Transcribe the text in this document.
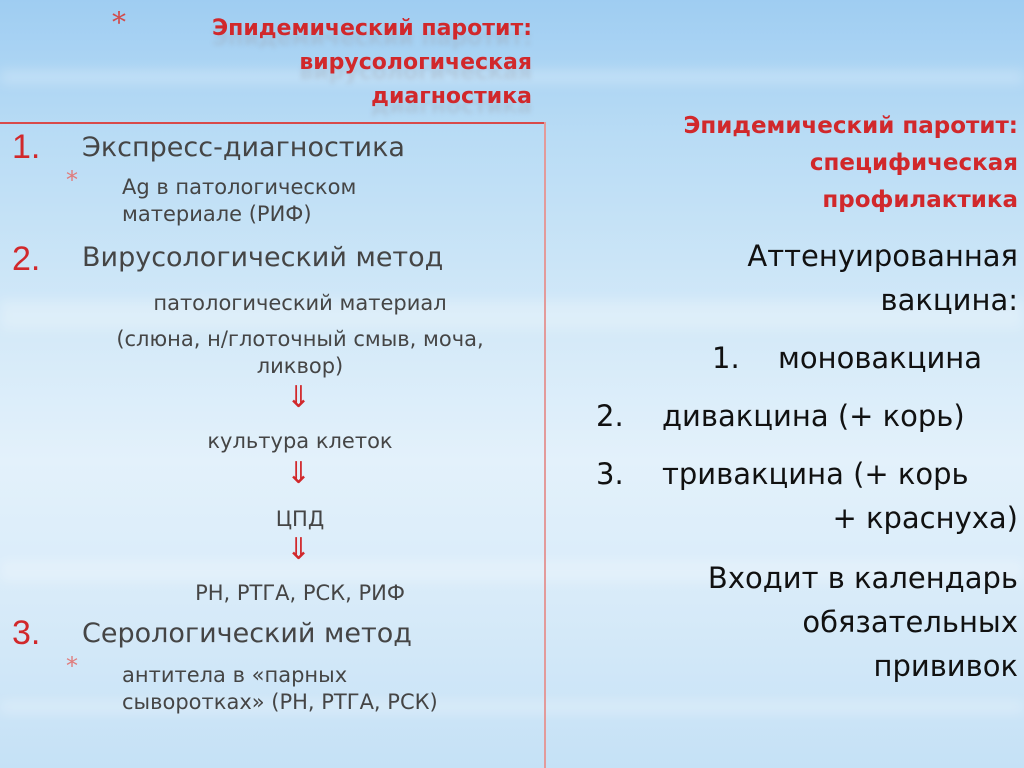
*	Эпидемический паротит:
вирусологическая
диагностика
1. Экспресс-диагностика
* Ag в патологическом
материале (РИФ)
2. Вирусологический метод
патологический материал
(слюна, н/глоточный смыв, моча,
ликвор)
⇓
культура клеток
⇓
ЦПД
⇓
РН, РТГА, РСК, РИФ
3. Серологический метод
* антитела в «парных
сыворотках» (РН, РТГА, РСК)
Эпидемический паротит:
специфическая
профилактика
Аттенуированная
вакцина:
1. моновакцина
2. дивакцина (+ корь)
3. тривакцина (+ корь
+ краснуха)
Входит в календарь
обязательных
прививок
